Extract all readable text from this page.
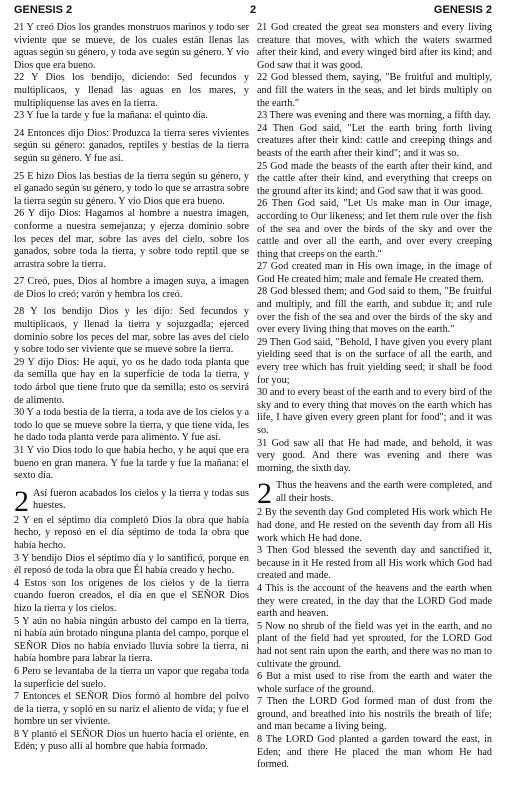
GENESIS 2	2	GENESIS 2

21 Y creó Dios los grandes monstruos marinos y todo ser viviente que se mueve, de los cuales están llenas las aguas según su género, y toda ave según su género. Y vio Dios que era bueno.

22 Y Dios los bendijo, diciendo: Sed fecundos y multiplicaos, y llenad las aguas en los mares, y multiplíquense las aves en la tierra.

23 Y fue la tarde y fue la mañana: el quinto día.

24 Entonces dijo Dios: Produzca la tierra seres vivientes según su género: ganados, reptiles y bestias de la tierra según su género. Y fue así.

25 E hizo Dios las bestias de la tierra según su género, y el ganado según su género, y todo lo que se arrastra sobre la tierra según su género. Y vio Dios que era bueno.

26 Y dijo Dios: Hagamos al hombre a nuestra imagen, conforme a nuestra semejanza; y ejerza dominio sobre los peces del mar, sobre las aves del cielo, sobre los ganados, sobre toda la tierra, y sobre todo reptil que se arrastra sobre la tierra.

27 Creó, pues, Dios al hombre a imagen suya, a imagen de Dios lo creó; varón y hembra los creó.

28 Y los bendijo Dios y les dijo: Sed fecundos y multiplicaos, y llenad la tierra y sojuzgadla; ejerced dominio sobre los peces del mar, sobre las aves del cielo y sobre todo ser viviente que se mueve sobre la tierra.

29 Y dijo Dios: He aquí, yo os he dado toda planta que da semilla que hay en la superficie de toda la tierra, y todo árbol que tiene fruto que da semilla; esto os servirá de alimento.

30 Y a toda bestia de la tierra, a toda ave de los cielos y a todo lo que se mueve sobre la tierra, y que tiene vida, les he dado toda planta verde para alimento. Y fue así.

31 Y vio Dios todo lo que había hecho, y he aquí que era bueno en gran manera. Y fue la tarde y fue la mañana: el sexto día.

2 Así fueron acabados los cielos y la tierra y todas sus huestes.

2 Y en el séptimo día completó Dios la obra que había hecho, y reposó en el día séptimo de toda la obra que había hecho.

3 Y bendijo Dios el séptimo día y lo santificó, porque en él reposó de toda la obra que Él había creado y hecho.

4 Estos son los orígenes de los cielos y de la tierra cuando fueron creados, el día en que el SEÑOR Dios hizo la tierra y los cielos.

5 Y aún no había ningún arbusto del campo en la tierra, ni había aún brotado ninguna planta del campo, porque el SEÑOR Dios no había enviado lluvia sobre la tierra, ni había hombre para labrar la tierra.

6 Pero se levantaba de la tierra un vapor que regaba toda la superficie del suelo.

7 Entonces el SEÑOR Dios formó al hombre del polvo de la tierra, y sopló en su nariz el aliento de vida; y fue el hombre un ser viviente.

8 Y plantó el SEÑOR Dios un huerto hacia el oriente, en Edén; y puso allí al hombre que había formado.

21 God created the great sea monsters and every living creature that moves, with which the waters swarmed after their kind, and every winged bird after its kind; and God saw that it was good.

22 God blessed them, saying, "Be fruitful and multiply, and fill the waters in the seas, and let birds multiply on the earth."

23 There was evening and there was morning, a fifth day.

24 Then God said, "Let the earth bring forth living creatures after their kind: cattle and creeping things and beasts of the earth after their kind"; and it was so.

25 God made the beasts of the earth after their kind, and the cattle after their kind, and everything that creeps on the ground after its kind; and God saw that it was good.

26 Then God said, "Let Us make man in Our image, according to Our likeness; and let them rule over the fish of the sea and over the birds of the sky and over the cattle and over all the earth, and over every creeping thing that creeps on the earth."

27 God created man in His own image, in the image of God He created him; male and female He created them.

28 God blessed them; and God said to them, "Be fruitful and multiply, and fill the earth, and subdue it; and rule over the fish of the sea and over the birds of the sky and over every living thing that moves on the earth."

29 Then God said, "Behold, I have given you every plant yielding seed that is on the surface of all the earth, and every tree which has fruit yielding seed; it shall be food for you;

30 and to every beast of the earth and to every bird of the sky and to every thing that moves on the earth which has life, I have given every green plant for food"; and it was so.

31 God saw all that He had made, and behold, it was very good. And there was evening and there was morning, the sixth day.

2 Thus the heavens and the earth were completed, and all their hosts.

2 By the seventh day God completed His work which He had done, and He rested on the seventh day from all His work which He had done.

3 Then God blessed the seventh day and sanctified it, because in it He rested from all His work which God had created and made.

4 This is the account of the heavens and the earth when they were created, in the day that the LORD God made earth and heaven.

5 Now no shrub of the field was yet in the earth, and no plant of the field had yet sprouted, for the LORD God had not sent rain upon the earth, and there was no man to cultivate the ground.

6 But a mist used to rise from the earth and water the whole surface of the ground.

7 Then the LORD God formed man of dust from the ground, and breathed into his nostrils the breath of life; and man became a living being.

8 The LORD God planted a garden toward the east, in Eden; and there He placed the man whom He had formed.
